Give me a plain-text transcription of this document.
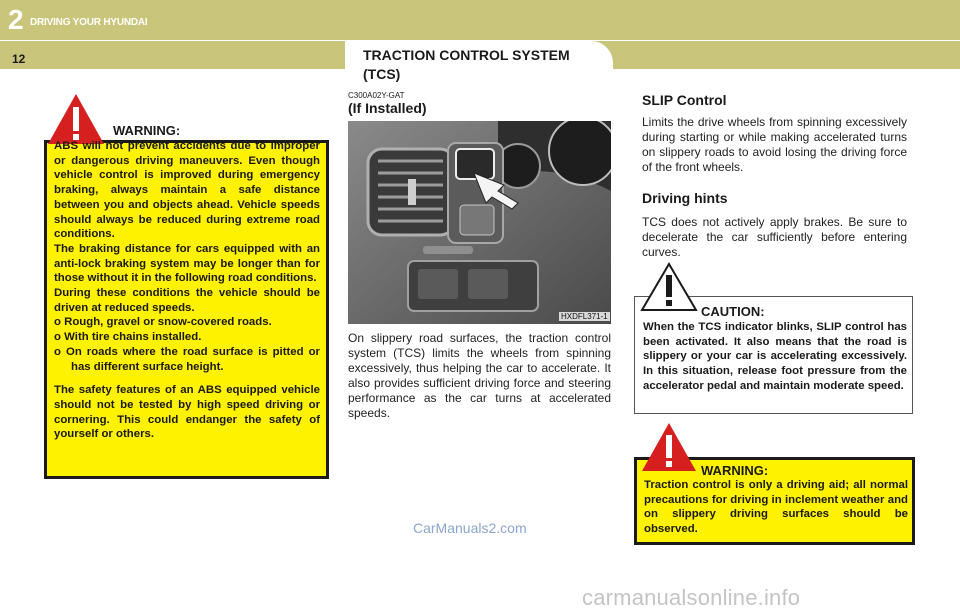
2 DRIVING YOUR HYUNDAI
12	TRACTION CONTROL SYSTEM (TCS)
WARNING:

ABS will not prevent accidents due to improper or dangerous driving maneuvers. Even though vehicle control is improved during emergency braking, always maintain a safe distance between you and objects ahead. Vehicle speeds should always be reduced during extreme road conditions.

The braking distance for cars equipped with an anti-lock braking system may be longer than for those without it in the following road conditions.

During these conditions the vehicle should be driven at reduced speeds.

o Rough, gravel or snow-covered roads.

o With tire chains installed.

o On roads where the road surface is pitted or has different surface height.

The safety features of an ABS equipped vehicle should not be tested by high speed driving or cornering. This could endanger the safety of yourself or others.

C300A02Y-GAT
(If Installed)
HXDFL371-1
On slippery road surfaces, the traction control system (TCS) limits the wheels from spinning excessively, thus helping the car to accelerate. It also provides sufficient driving force and steering performance as the car turns at accelerated speeds.
SLIP Control
Limits the drive wheels from spinning excessively during starting or while making accelerated turns on slippery roads to avoid losing the driving force of the front wheels.
Driving hints
TCS does not actively apply brakes. Be sure to decelerate the car sufficiently before entering curves.
CAUTION:
When the TCS indicator blinks, SLIP control has been activated. It also means that the road is slippery or your car is accelerating excessively. In this situation, release foot pressure from the accelerator pedal and maintain moderate speed.
WARNING:
Traction control is only a driving aid; all normal precautions for driving in inclement weather and on slippery driving surfaces should be observed.
CarManuals2.com
carmanualsonline.info
